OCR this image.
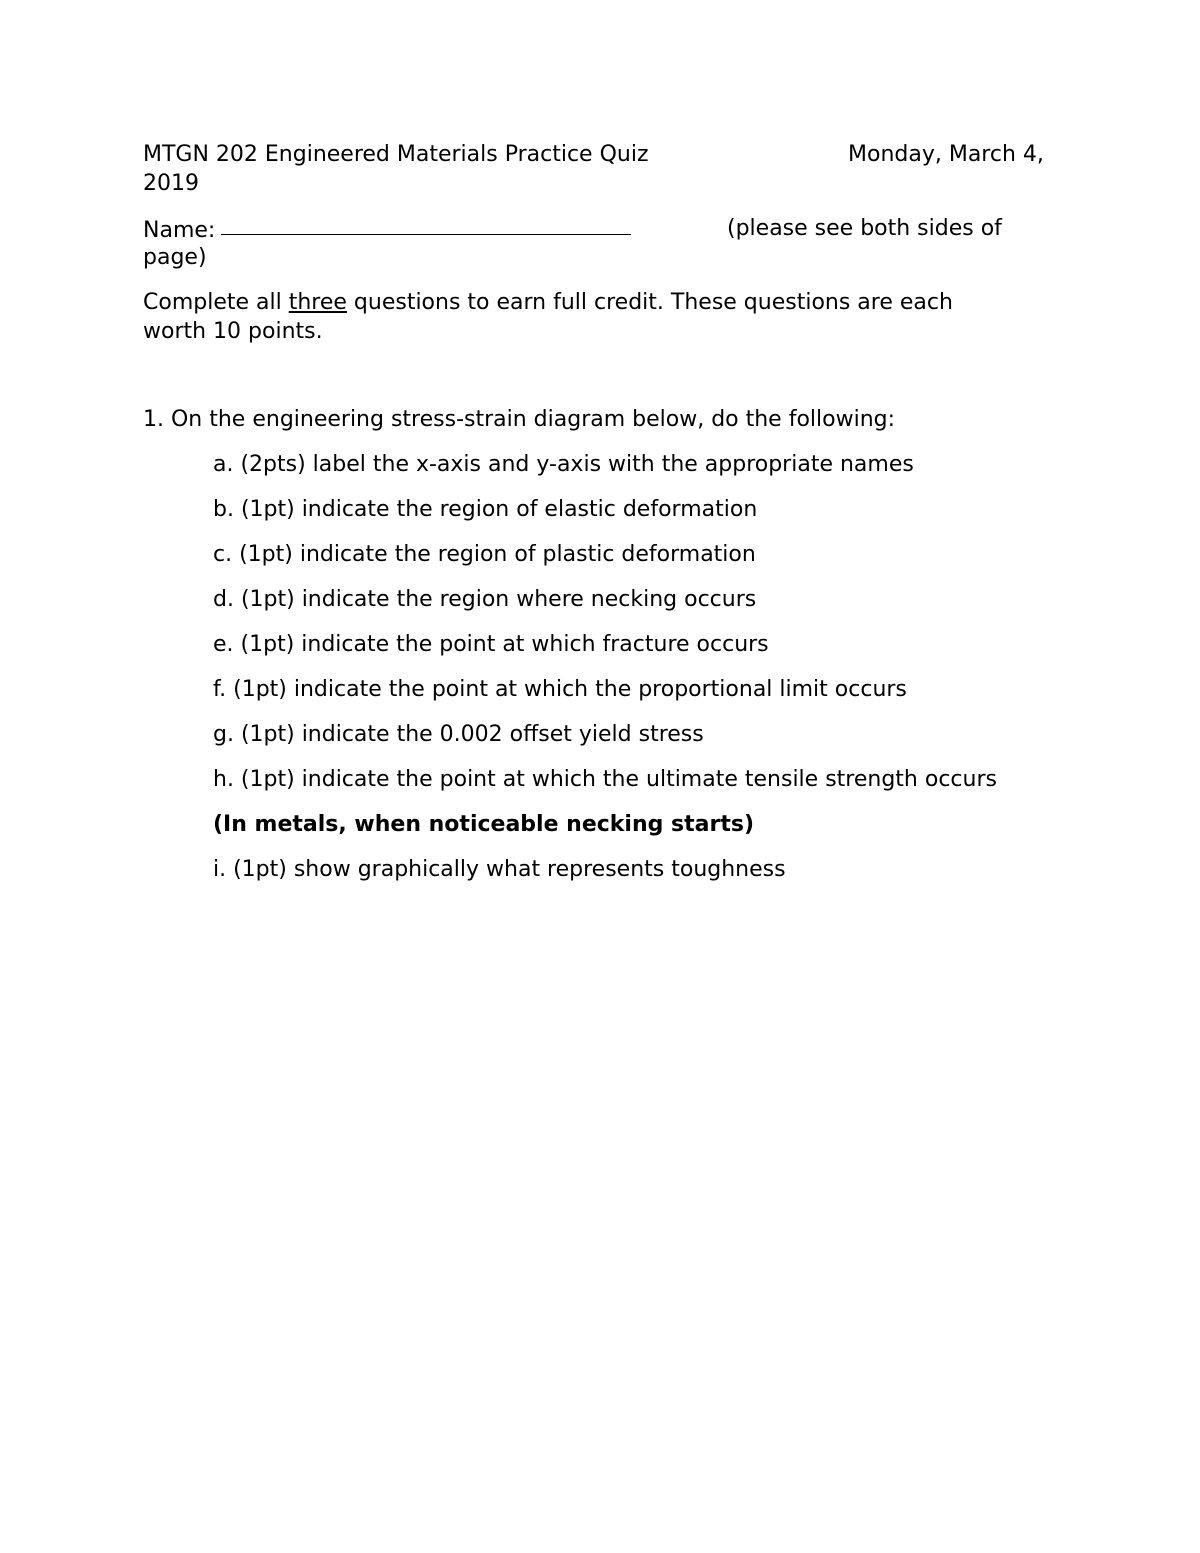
MTGN 202 Engineered Materials Practice Quiz	Monday, March 4,
2019
Name:	(please see both sides of
page)
Complete all three questions to earn full credit. These questions are each
worth 10 points.
1. On the engineering stress-strain diagram below, do the following:
a. (2pts) label the x-axis and y-axis with the appropriate names
b. (1pt) indicate the region of elastic deformation
c. (1pt) indicate the region of plastic deformation
d. (1pt) indicate the region where necking occurs
e. (1pt) indicate the point at which fracture occurs
f. (1pt) indicate the point at which the proportional limit occurs
g. (1pt) indicate the 0.002 offset yield stress
h. (1pt) indicate the point at which the ultimate tensile strength occurs
(In metals, when noticeable necking starts)
i. (1pt) show graphically what represents toughness
